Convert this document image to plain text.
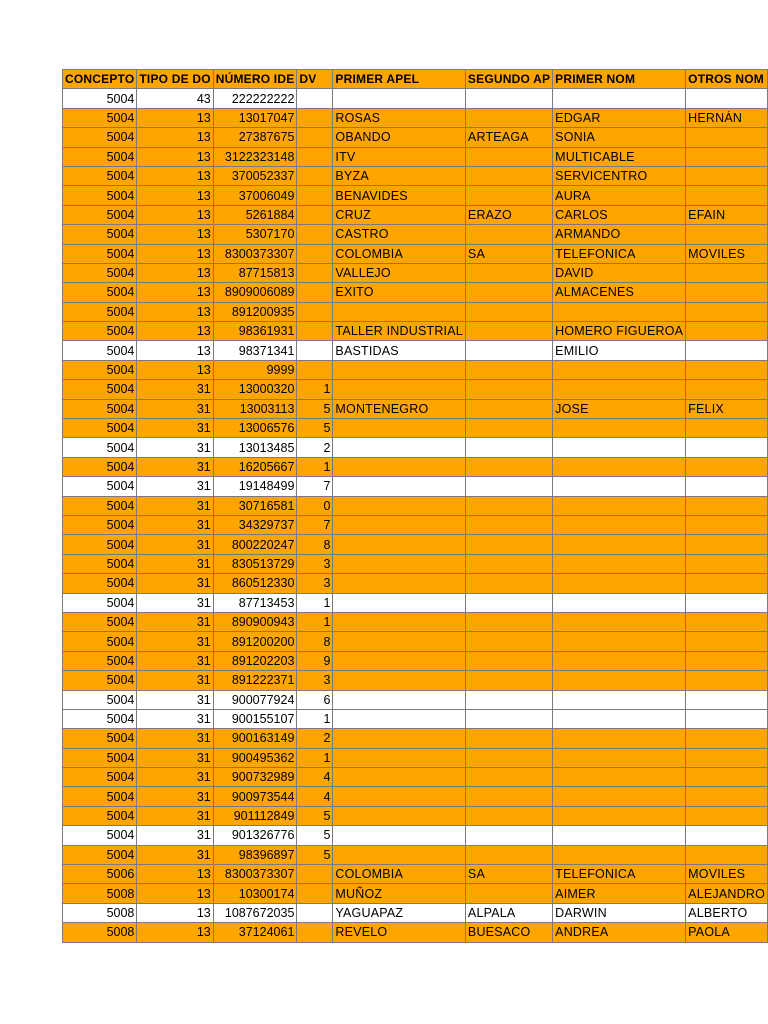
CONCEPTO	TIPO DE DO	NÚMERO IDE	DV	PRIMER APEL	SEGUNDO AP	PRIMER NOM	OTROS NOM
5004	43	222222222					
5004	13	13017047		ROSAS		EDGAR	HERNÁN
5004	13	27387675		OBANDO	ARTEAGA	SONIA	
5004	13	3122323148		ITV		MULTICABLE	
5004	13	370052337		BYZA		SERVICENTRO	
5004	13	37006049		BENAVIDES		AURA	
5004	13	5261884		CRUZ	ERAZO	CARLOS	EFAIN
5004	13	5307170		CASTRO		ARMANDO	
5004	13	8300373307		COLOMBIA	SA	TELEFONICA	MOVILES
5004	13	87715813		VALLEJO		DAVID	
5004	13	8909006089		EXITO		ALMACENES	
5004	13	891200935					
5004	13	98361931		TALLER INDUSTRIAL		HOMERO FIGUEROA	
5004	13	98371341		BASTIDAS		EMILIO	
5004	13	9999					
5004	31	13000320	1				
5004	31	13003113	5	MONTENEGRO		JOSE	FELIX
5004	31	13006576	5				
5004	31	13013485	2				
5004	31	16205667	1				
5004	31	19148499	7				
5004	31	30716581	0				
5004	31	34329737	7				
5004	31	800220247	8				
5004	31	830513729	3				
5004	31	860512330	3				
5004	31	87713453	1				
5004	31	890900943	1				
5004	31	891200200	8				
5004	31	891202203	9				
5004	31	891222371	3				
5004	31	900077924	6				
5004	31	900155107	1				
5004	31	900163149	2				
5004	31	900495362	1				
5004	31	900732989	4				
5004	31	900973544	4				
5004	31	901112849	5				
5004	31	901326776	5				
5004	31	98396897	5				
5006	13	8300373307		COLOMBIA	SA	TELEFONICA	MOVILES
5008	13	10300174		MUÑOZ		AIMER	ALEJANDRO
5008	13	1087672035		YAGUAPAZ	ALPALA	DARWIN	ALBERTO
5008	13	37124061		REVELO	BUESACO	ANDREA	PAOLA
